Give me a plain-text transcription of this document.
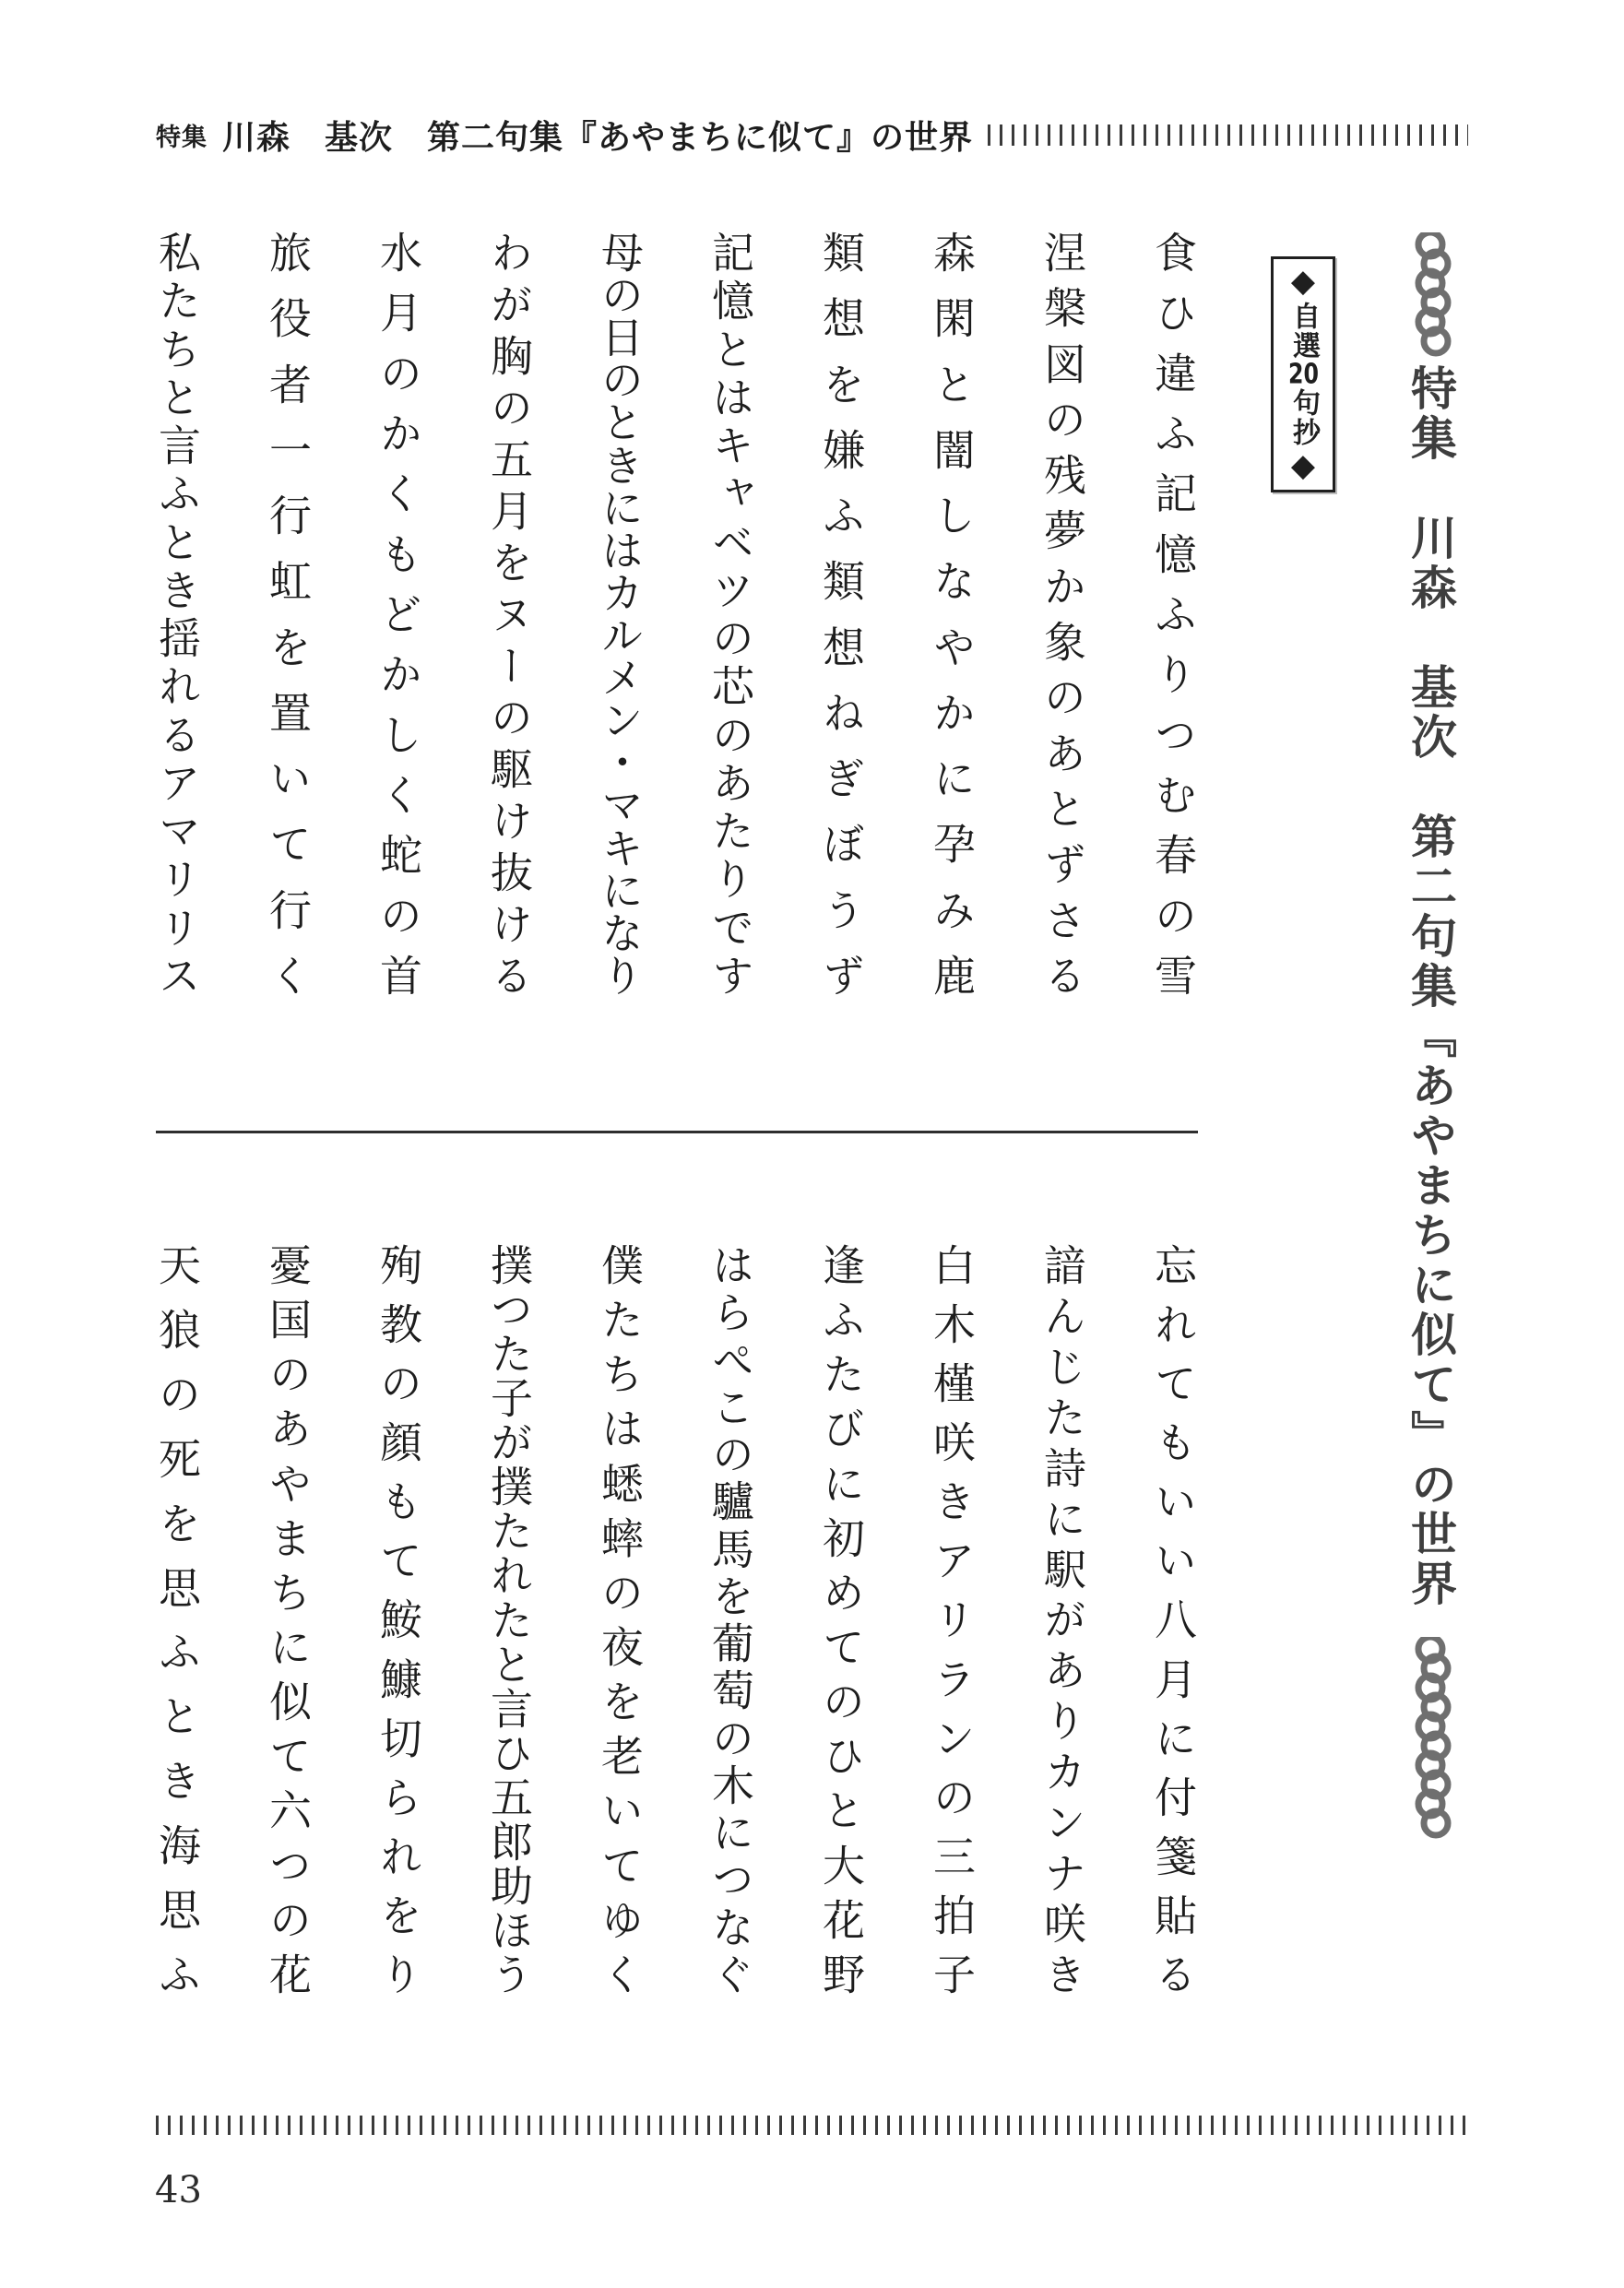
特集 川森　基次　第二句集『あやまちに似て』の世界
特集　川森　基次　第二句集『あやまちに似て』の世界
◆
自選
20
句抄
◆
食
ひ
違
ふ
記
憶
ふ
り
つ
む
春
の
雪
涅
槃
図
の
残
夢
か
象
の
あ
と
ず
さ
る
森
閑
と
闇
し
な
や
か
に
孕
み
鹿
類
想
を
嫌
ふ
類
想
ね
ぎ
ぼ
う
ず
記
憶
と
は
キ
ャ
ベ
ツ
の
芯
の
あ
た
り
で
す
母
の
日
の
と
き
に
は
カ
ル
メ
ン
・
マ
キ
に
な
り
わ
が
胸
の
五
月
を
ヌ
ー
の
駆
け
抜
け
る
水
月
の
か
く
も
ど
か
し
く
蛇
の
首
旅
役
者
一
行
虹
を
置
い
て
行
く
私
た
ち
と
言
ふ
と
き
揺
れ
る
ア
マ
リ
リ
ス
忘
れ
て
も
い
い
八
月
に
付
箋
貼
る
諳
ん
じ
た
詩
に
駅
が
あ
り
カ
ン
ナ
咲
き
白
木
槿
咲
き
ア
リ
ラ
ン
の
三
拍
子
逢
ふ
た
び
に
初
め
て
の
ひ
と
大
花
野
は
ら
ぺ
こ
の
驢
馬
を
葡
萄
の
木
に
つ
な
ぐ
僕
た
ち
は
蟋
蟀
の
夜
を
老
い
て
ゆ
く
撲
つ
た
子
が
撲
た
れ
た
と
言
ひ
五
郎
助
ほ
う
殉
教
の
顔
も
て
鮟
鱇
切
ら
れ
を
り
憂
国
の
あ
や
ま
ち
に
似
て
六
つ
の
花
天
狼
の
死
を
思
ふ
と
き
海
思
ふ
43
